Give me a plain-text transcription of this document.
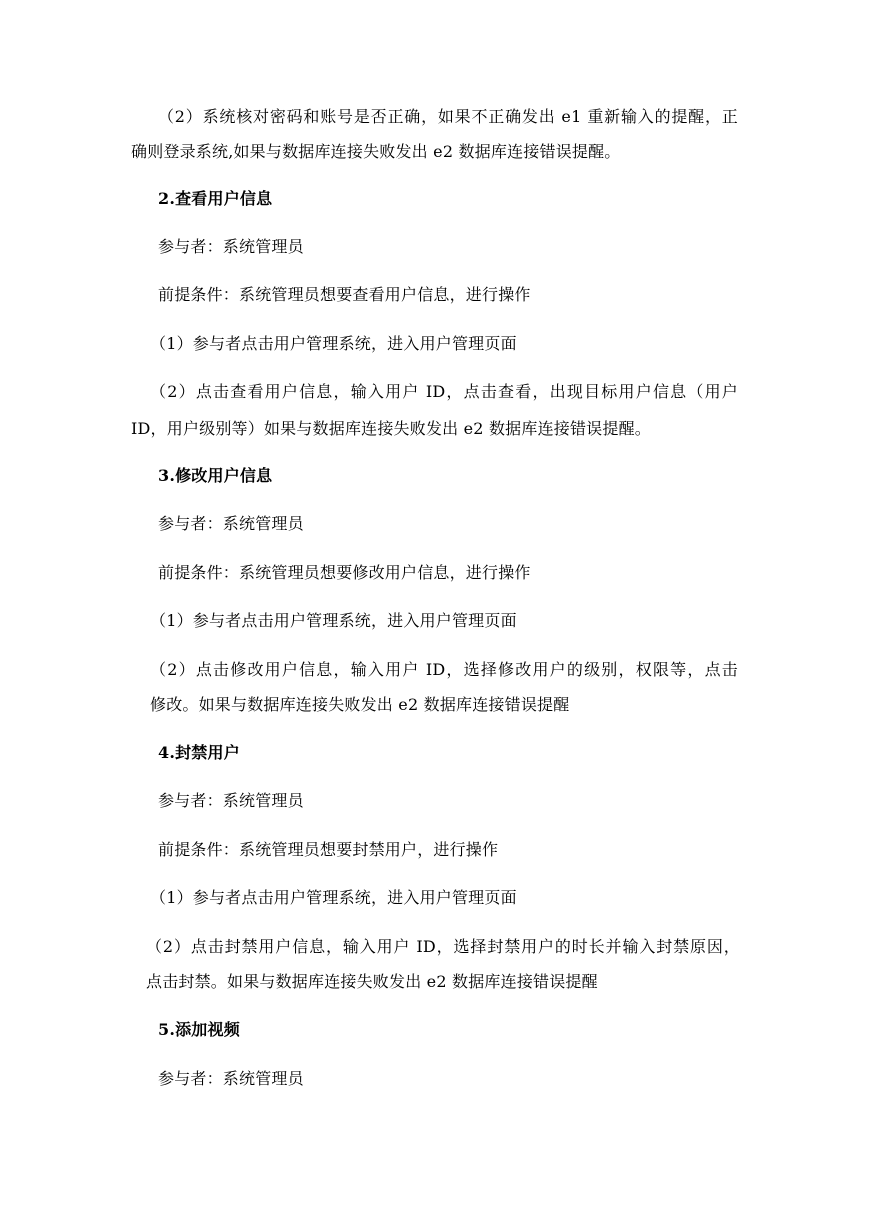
（2）系统核对密码和账号是否正确，如果不正确发出 e1 重新输入的提醒，正
确则登录系统,如果与数据库连接失败发出 e2 数据库连接错误提醒。
2.查看用户信息
参与者：系统管理员
前提条件：系统管理员想要查看用户信息，进行操作
（1）参与者点击用户管理系统，进入用户管理页面
（2）点击查看用户信息，输入用户 ID，点击查看，出现目标用户信息（用户
ID，用户级别等）如果与数据库连接失败发出 e2 数据库连接错误提醒。
3.修改用户信息
参与者：系统管理员
前提条件：系统管理员想要修改用户信息，进行操作
（1）参与者点击用户管理系统，进入用户管理页面
（2）点击修改用户信息，输入用户 ID，选择修改用户的级别，权限等，点击
修改。如果与数据库连接失败发出 e2 数据库连接错误提醒
4.封禁用户
参与者：系统管理员
前提条件：系统管理员想要封禁用户，进行操作
（1）参与者点击用户管理系统，进入用户管理页面
（2）点击封禁用户信息，输入用户 ID，选择封禁用户的时长并输入封禁原因，
点击封禁。如果与数据库连接失败发出 e2 数据库连接错误提醒
5.添加视频
参与者：系统管理员
